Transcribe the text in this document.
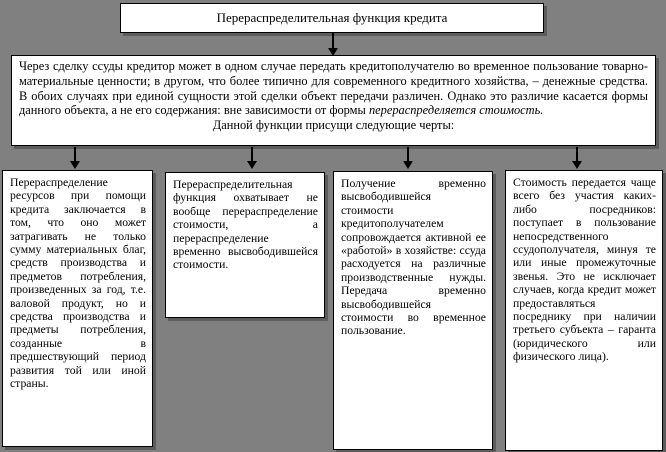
Перераспределительная функция кредита
Через сделку ссуды кредитор может в одном случае передать кредитополучателю во временное пользование товарно-материальные ценности; в другом, что более типично для современного кредитного хозяйства, – денежные средства. В обоих случаях при единой сущности этой сделки объект передачи различен. Однако это различие касается формы данного объекта, а не его содержания: вне зависимости от формы перераспределяется стоимость.
Данной функции присущи следующие черты:
Перераспределение ресурсов при помощи кредита заключается в том, что оно может затрагивать не только сумму материальных благ, средств производства и предметов потребления, произведенных за год, т.е. валовой продукт, но и средства производства и предметы потребления, созданные в предшествующий период развития той или иной страны.
Перераспределительная функция охватывает не вообще перераспределение стоимости, а перераспределение временно высвободившейся стоимости.
Получение временно высвободившейся стоимости кредитополучателем сопровождается активной ее «работой» в хозяйстве: ссуда расходуется на различные производственные нужды. Передача временно высвободившейся стоимости во временное пользование.
Стоимость передается чаще всего без участия каких-либо посредников: поступает в пользование непосредственного ссудополучателя, минуя те или иные промежуточные звенья. Это не исключает случаев, когда кредит может предоставляться посреднику при наличии третьего субъекта – гаранта (юридического или физического лица).
